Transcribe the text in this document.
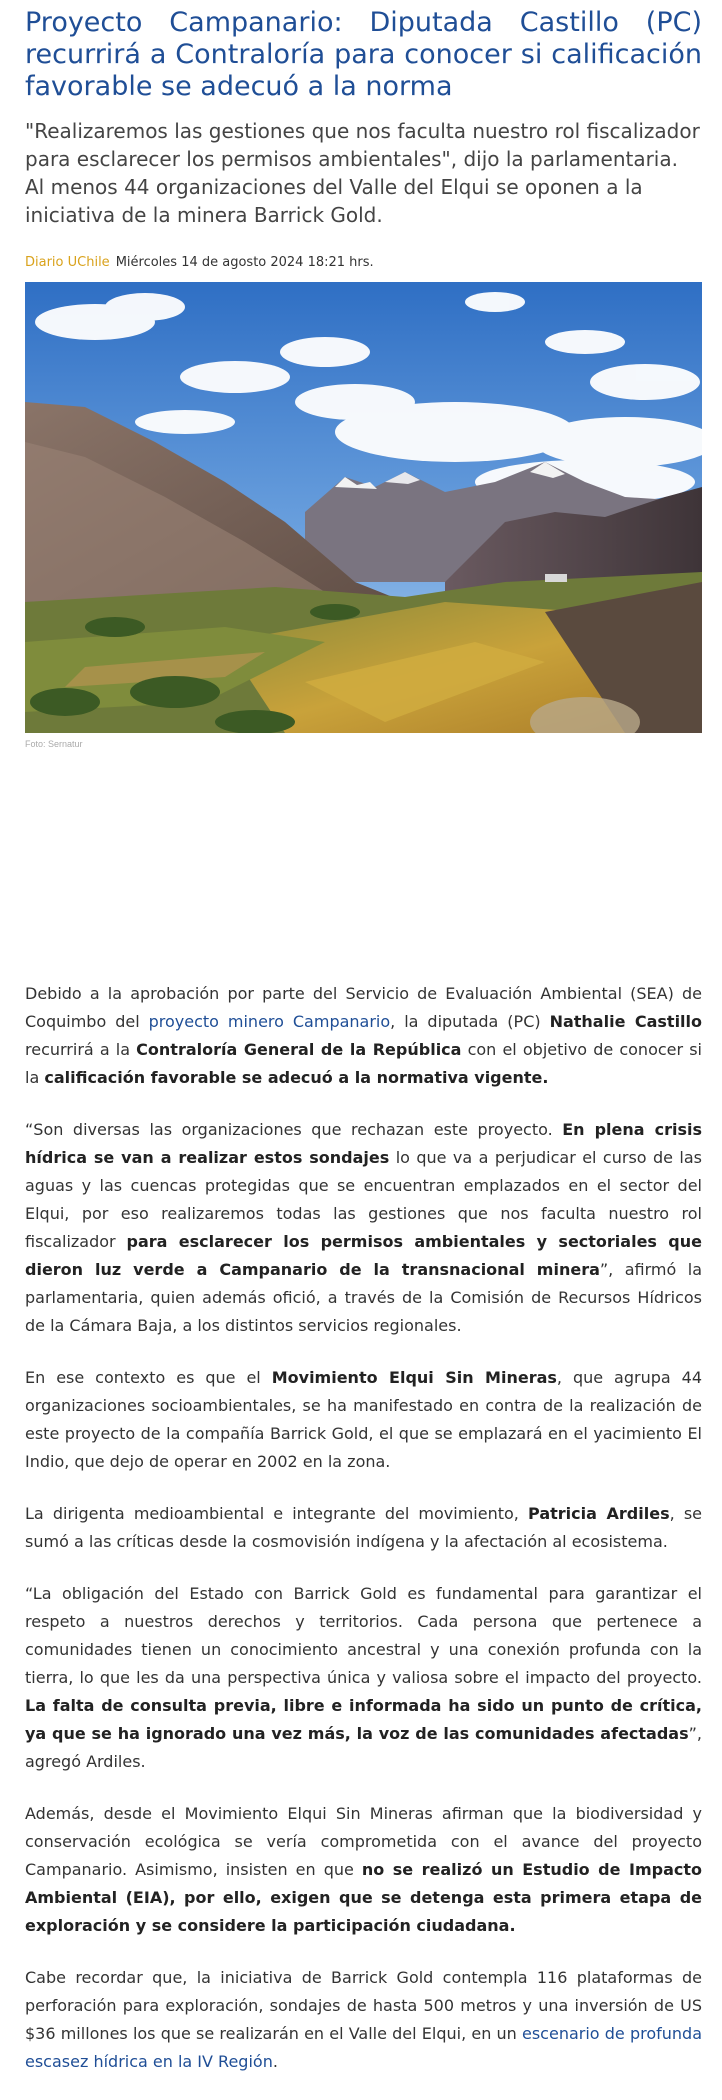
Proyecto Campanario: Diputada Castillo (PC) recurrirá a Contraloría para conocer si calificación favorable se adecuó a la norma

"Realizaremos las gestiones que nos faculta nuestro rol fiscalizador para esclarecer los permisos ambientales", dijo la parlamentaria. Al menos 44 organizaciones del Valle del Elqui se oponen a la iniciativa de la minera Barrick Gold.

Diario UChile Miércoles 14 de agosto 2024 18:21 hrs.

Foto: Sernatur

Debido a la aprobación por parte del Servicio de Evaluación Ambiental (SEA) de Coquimbo del proyecto minero Campanario, la diputada (PC) Nathalie Castillo recurrirá a la Contraloría General de la República con el objetivo de conocer si la calificación favorable se adecuó a la normativa vigente.

“Son diversas las organizaciones que rechazan este proyecto. En plena crisis hídrica se van a realizar estos sondajes lo que va a perjudicar el curso de las aguas y las cuencas protegidas que se encuentran emplazados en el sector del Elqui, por eso realizaremos todas las gestiones que nos faculta nuestro rol fiscalizador para esclarecer los permisos ambientales y sectoriales que dieron luz verde a Campanario de la transnacional minera”, afirmó la parlamentaria, quien además ofició, a través de la Comisión de Recursos Hídricos de la Cámara Baja, a los distintos servicios regionales.

En ese contexto es que el Movimiento Elqui Sin Mineras, que agrupa 44 organizaciones socioambientales, se ha manifestado en contra de la realización de este proyecto de la compañía Barrick Gold, el que se emplazará en el yacimiento El Indio, que dejo de operar en 2002 en la zona.

La dirigenta medioambiental e integrante del movimiento, Patricia Ardiles, se sumó a las críticas desde la cosmovisión indígena y la afectación al ecosistema.

“La obligación del Estado con Barrick Gold es fundamental para garantizar el respeto a nuestros derechos y territorios. Cada persona que pertenece a comunidades tienen un conocimiento ancestral y una conexión profunda con la tierra, lo que les da una perspectiva única y valiosa sobre el impacto del proyecto. La falta de consulta previa, libre e informada ha sido un punto de crítica, ya que se ha ignorado una vez más, la voz de las comunidades afectadas”, agregó Ardiles.

Además, desde el Movimiento Elqui Sin Mineras afirman que la biodiversidad y conservación ecológica se vería comprometida con el avance del proyecto Campanario. Asimismo, insisten en que no se realizó un Estudio de Impacto Ambiental (EIA), por ello, exigen que se detenga esta primera etapa de exploración y se considere la participación ciudadana.

Cabe recordar que, la iniciativa de Barrick Gold contempla 116 plataformas de perforación para exploración, sondajes de hasta 500 metros y una inversión de US $36 millones los que se realizarán en el Valle del Elqui, en un escenario de profunda escasez hídrica en la IV Región.
